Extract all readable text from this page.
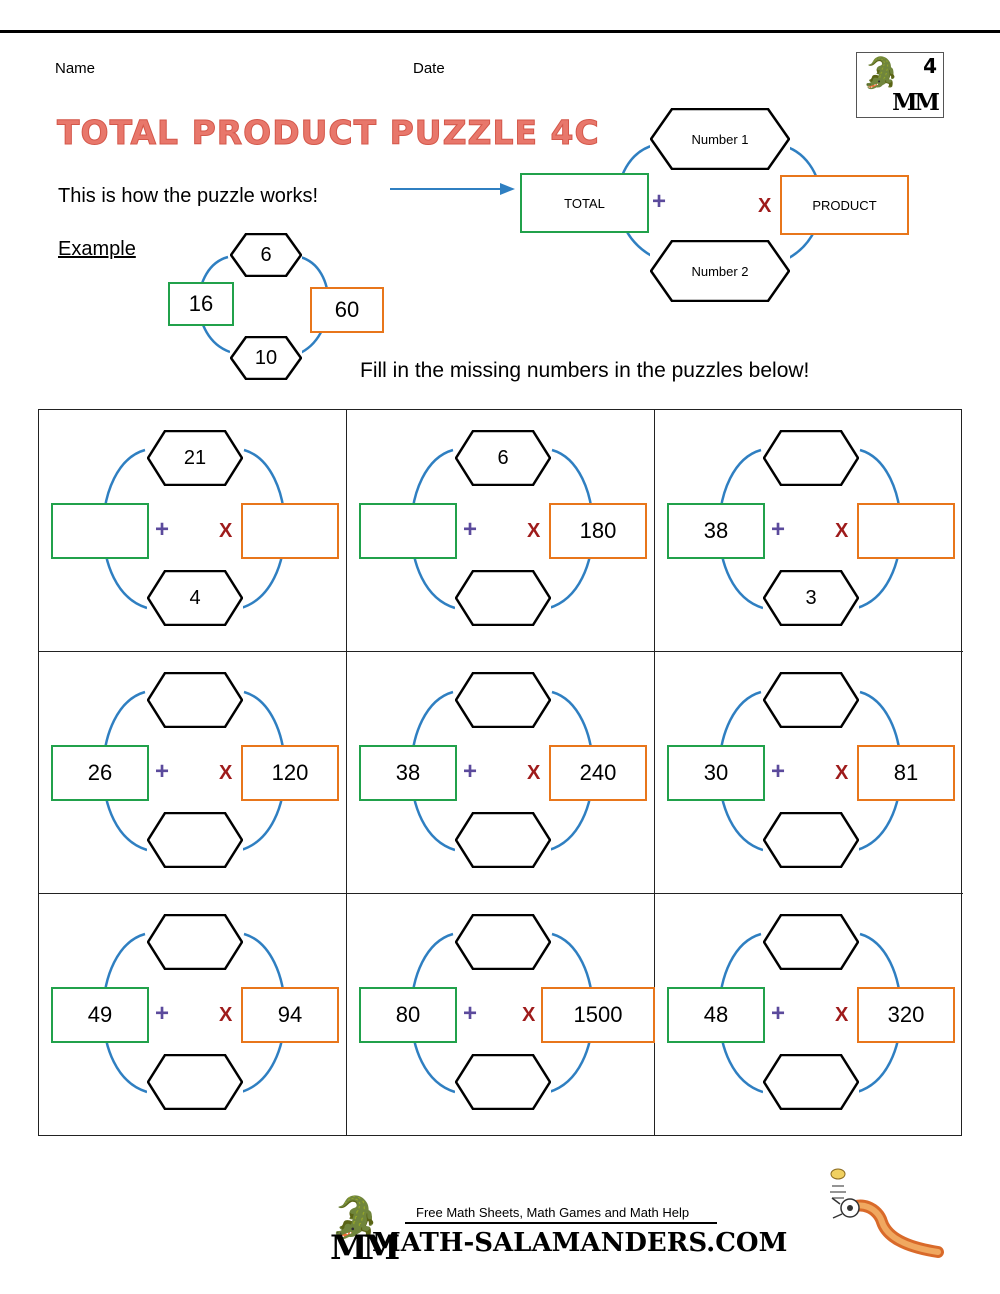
Name	Date
TOTAL PRODUCT PUZZLE 4C
This is how the puzzle works!
Example
Fill in the missing numbers in the puzzles below!
🐊 4
MM
Number 1
Number 2
TOTAL	PRODUCT
+	X
6
10
16	60
21
4
+ X
6
180
+ X
3
38 + X
26	120
+ X	38	240
+ X	30	81
+ X
49	94
+ X	80	1500
+ X	48	320
+ X
🐊
MM
Free Math Sheets, Math Games and Math Help
MATH-SALAMANDERS.COM
